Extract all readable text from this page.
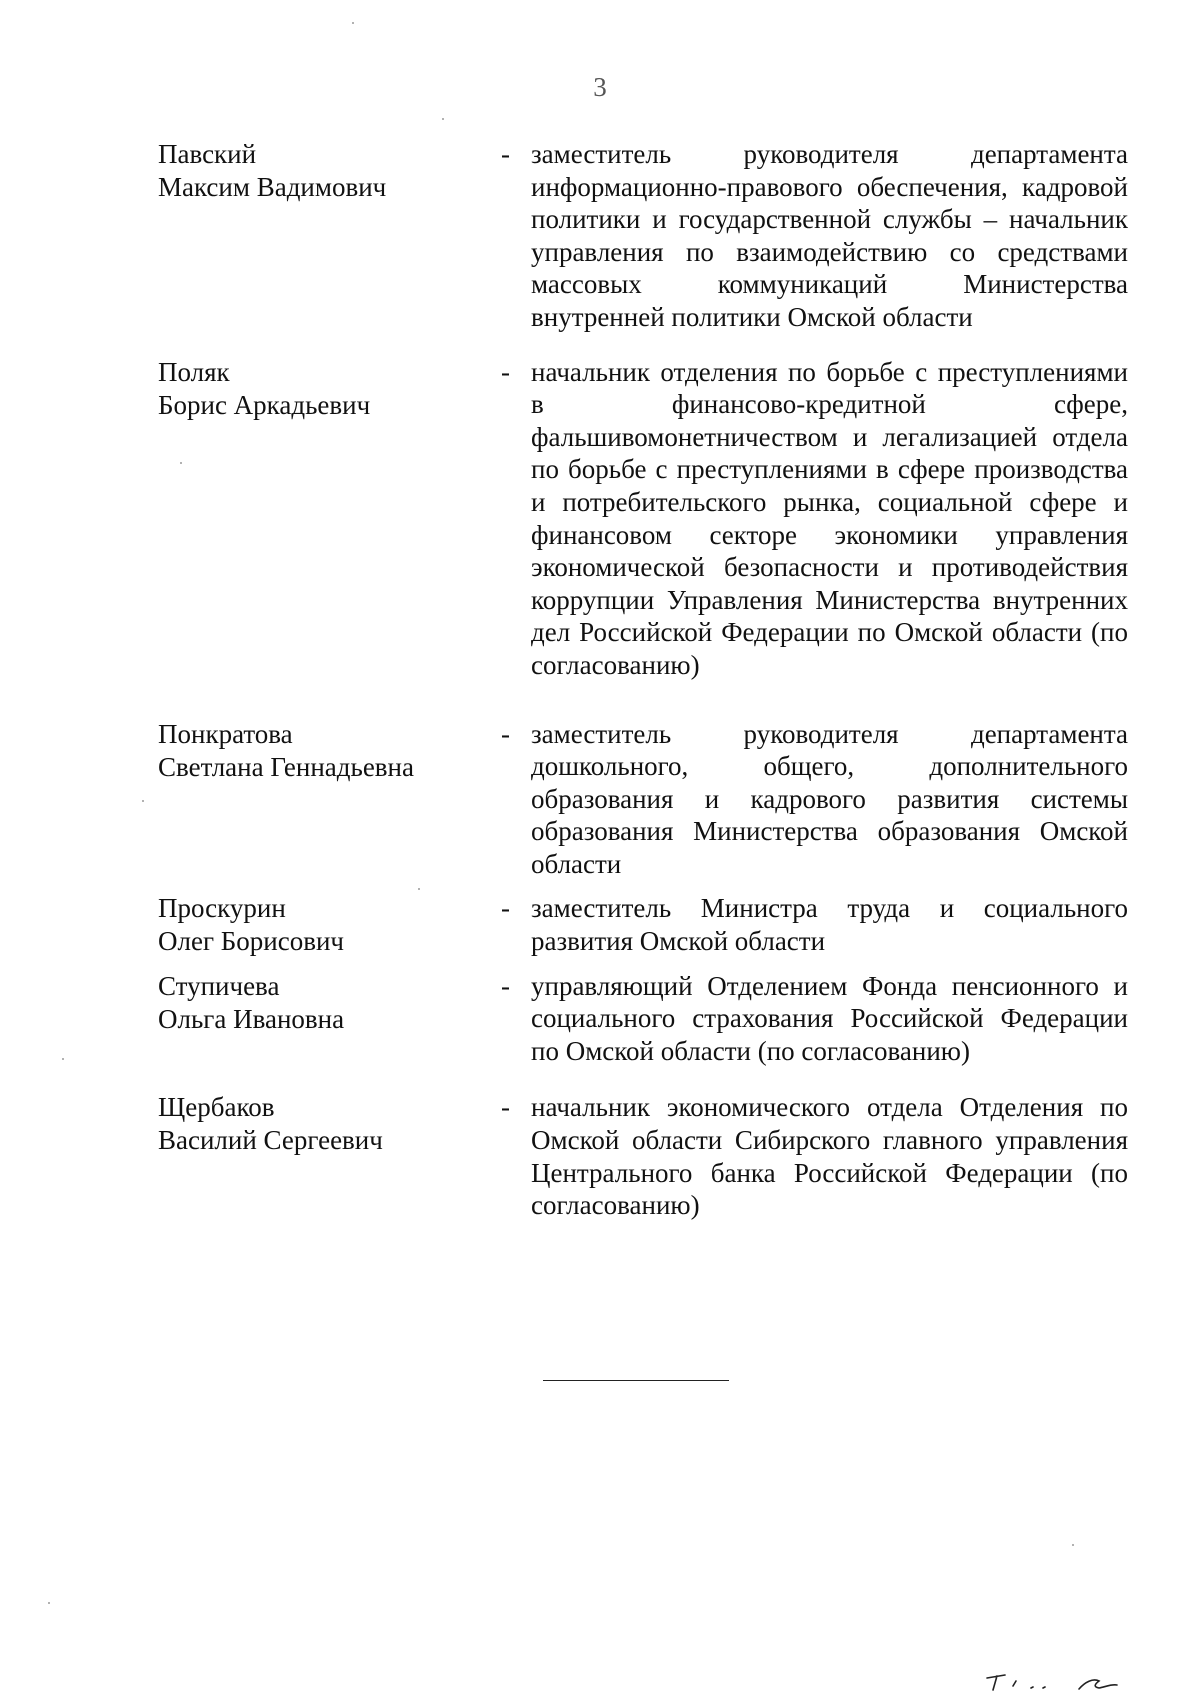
3
Павский
Максим Вадимович
- заместитель руководителя департамента информационно-правового обеспечения, кадровой политики и государственной службы – начальник управления по взаимодействию со средствами массовых коммуникаций Министерства внутренней политики Омской области
Поляк
Борис Аркадьевич
- начальник отделения по борьбе с преступлениями в финансово-кредитной сфере, фальшивомонетничеством и легализацией отдела по борьбе с преступлениями в сфере производства и потребительского рынка, социальной сфере и финансовом секторе экономики управления экономической безопасности и противодействия коррупции Управления Министерства внутренних дел Российской Федерации по Омской области (по согласованию)
Понкратова
Светлана Геннадьевна
- заместитель руководителя департамента дошкольного, общего, дополнительного образования и кадрового развития системы образования Министерства образования Омской области
Проскурин
Олег Борисович
- заместитель Министра труда и социального развития Омской области
Ступичева
Ольга Ивановна
- управляющий Отделением Фонда пенсионного и социального страхования Российской Федерации по Омской области (по согласованию)
Щербаков
Василий Сергеевич
- начальник экономического отдела Отделения по Омской области Сибирского главного управления Центрального банка Российской Федерации (по согласованию)
